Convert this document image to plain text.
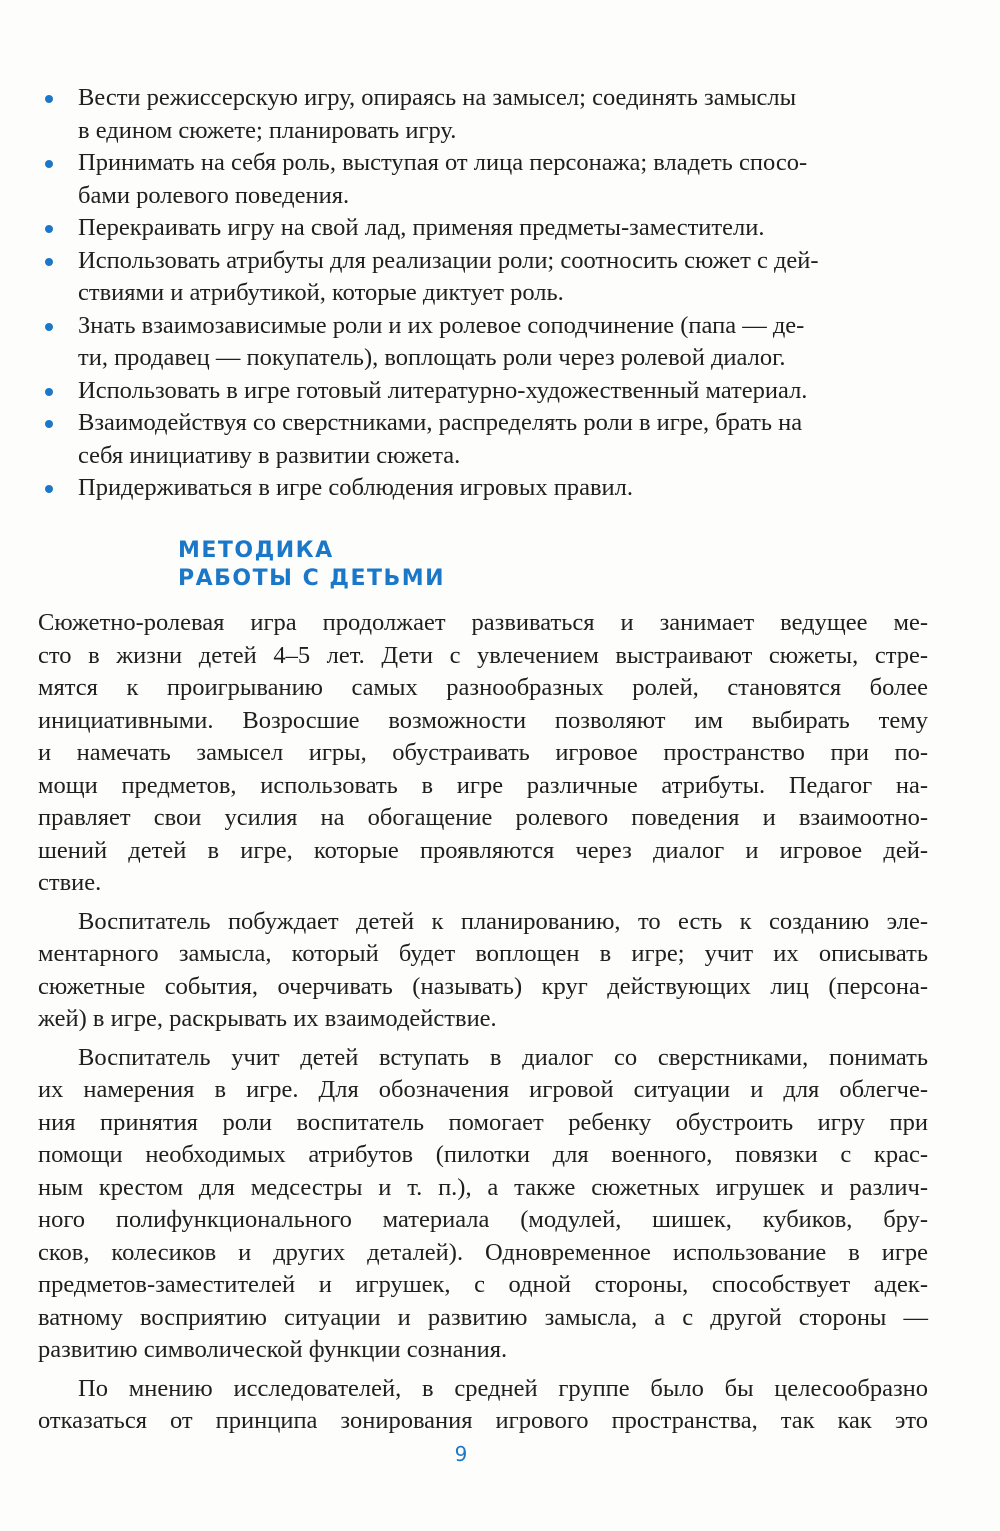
Вести режиссерскую игру, опираясь на замысел; соединять замыслы
в едином сюжете; планировать игру.
Принимать на себя роль, выступая от лица персонажа; владеть спосо-
бами ролевого поведения.
Перекраивать игру на свой лад, применяя предметы-заместители.
Использовать атрибуты для реализации роли; соотносить сюжет с дей-
ствиями и атрибутикой, которые диктует роль.
Знать взаимозависимые роли и их ролевое соподчинение (папа — де-
ти, продавец — покупатель), воплощать роли через ролевой диалог.
Использовать в игре готовый литературно-художественный материал.
Взаимодействуя со сверстниками, распределять роли в игре, брать на
себя инициативу в развитии сюжета.
Придерживаться в игре соблюдения игровых правил.
МЕТОДИКА
РАБОТЫ С ДЕТЬМИ

Сюжетно-ролевая игра продолжает развиваться и занимает ведущее ме-
сто в жизни детей 4–5 лет. Дети с увлечением выстраивают сюжеты, стре-
мятся к проигрыванию самых разнообразных ролей, становятся более
инициативными. Возросшие возможности позволяют им выбирать тему
и намечать замысел игры, обустраивать игровое пространство при по-
мощи предметов, использовать в игре различные атрибуты. Педагог на-
правляет свои усилия на обогащение ролевого поведения и взаимоотно-
шений детей в игре, которые проявляются через диалог и игровое дей-
ствие.

Воспитатель побуждает детей к планированию, то есть к созданию эле-
ментарного замысла, который будет воплощен в игре; учит их описывать
сюжетные события, очерчивать (называть) круг действующих лиц (персона-
жей) в игре, раскрывать их взаимодействие.

Воспитатель учит детей вступать в диалог со сверстниками, понимать
их намерения в игре. Для обозначения игровой ситуации и для облегче-
ния принятия роли воспитатель помогает ребенку обустроить игру при
помощи необходимых атрибутов (пилотки для военного, повязки с крас-
ным крестом для медсестры и т. п.), а также сюжетных игрушек и различ-
ного полифункционального материала (модулей, шишек, кубиков, бру-
сков, колесиков и других деталей). Одновременное использование в игре
предметов-заместителей и игрушек, с одной стороны, способствует адек-
ватному восприятию ситуации и развитию замысла, а с другой стороны —
развитию символической функции сознания.

По мнению исследователей, в средней группе было бы целесообразно
отказаться от принципа зонирования игрового пространства, так как это

9
